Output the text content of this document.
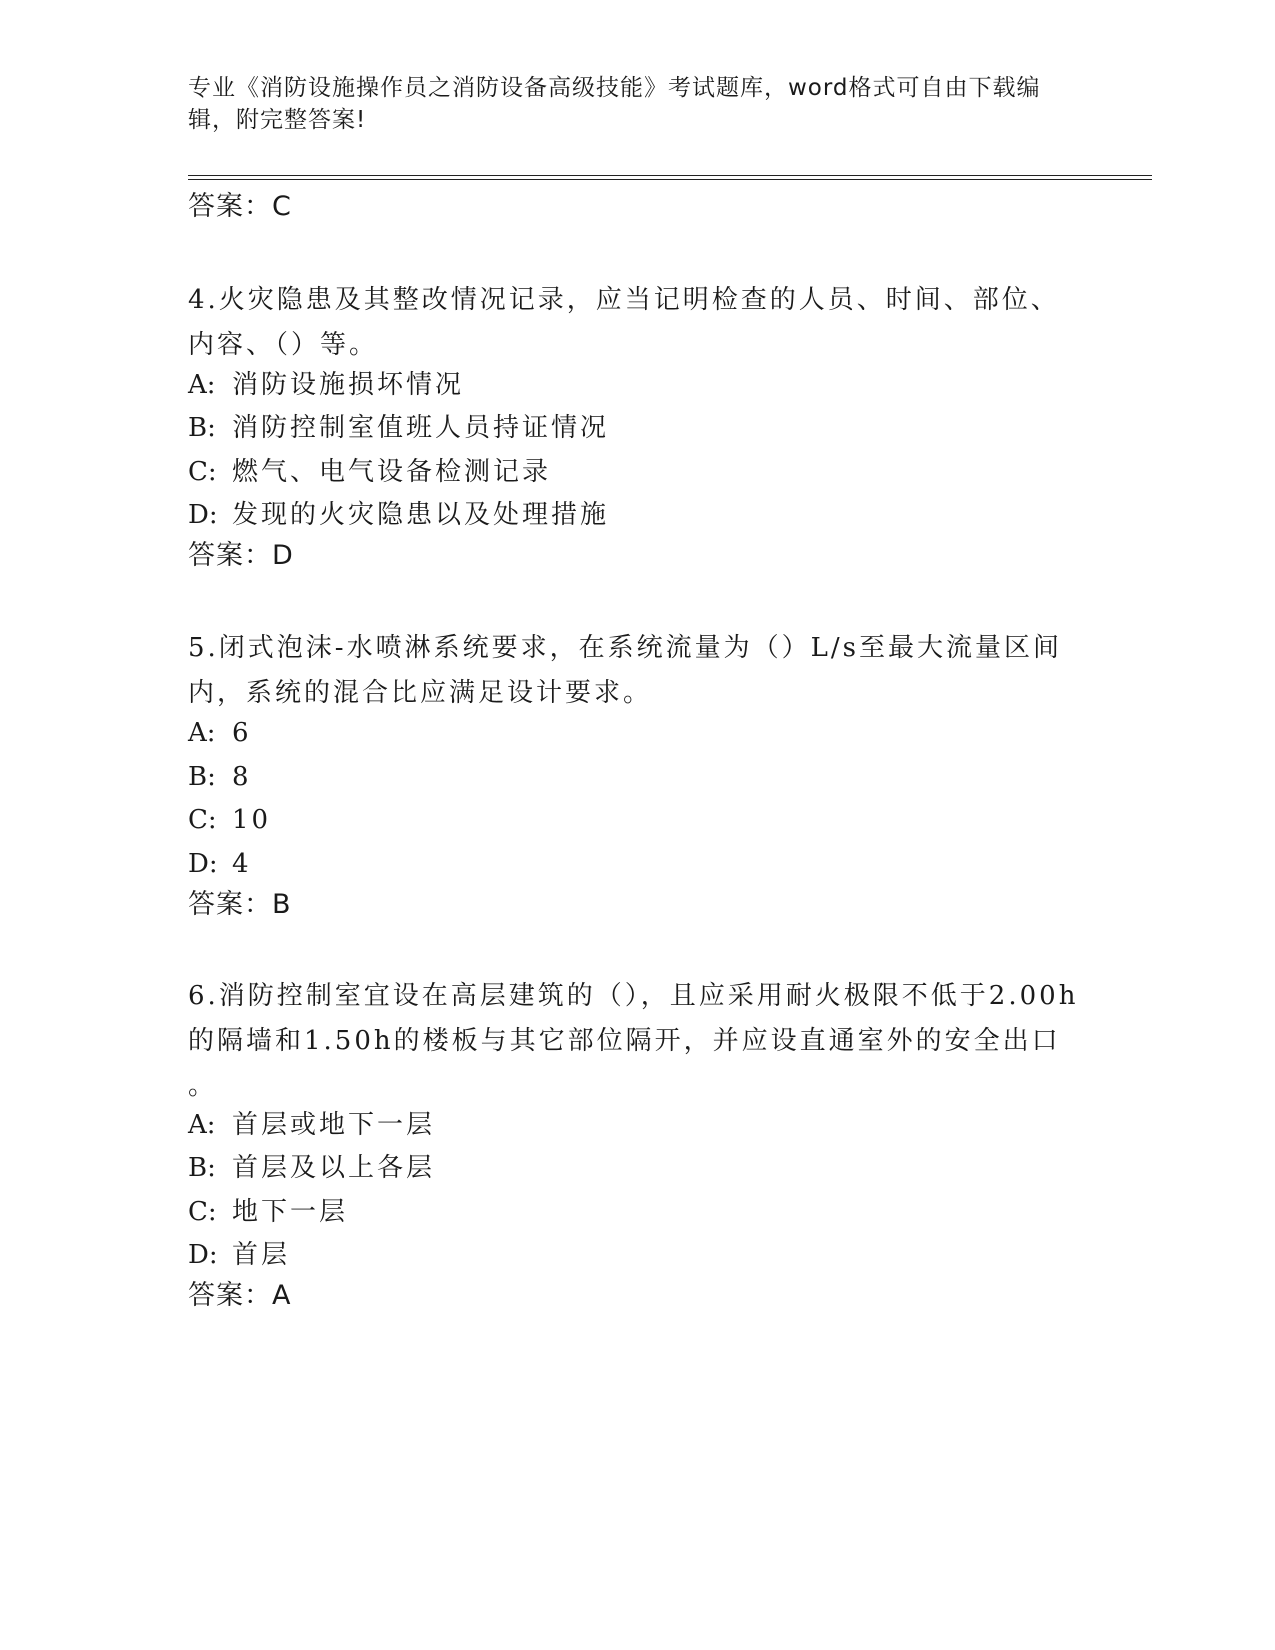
专业《消防设施操作员之消防设备高级技能》考试题库，word格式可自由下载编
辑，附完整答案!
答案：C
4.火灾隐患及其整改情况记录，应当记明检查的人员、时间、部位、
内容、（）等。
A: 消防设施损坏情况
B: 消防控制室值班人员持证情况
C: 燃气、电气设备检测记录
D: 发现的火灾隐患以及处理措施
答案：D
5.闭式泡沫-水喷淋系统要求，在系统流量为（）L/s至最大流量区间
内，系统的混合比应满足设计要求。
A: 6
B: 8
C: 10
D: 4
答案：B
6.消防控制室宜设在高层建筑的（），且应采用耐火极限不低于2.00h
的隔墙和1.50h的楼板与其它部位隔开，并应设直通室外的安全出口
。
A: 首层或地下一层
B: 首层及以上各层
C: 地下一层
D: 首层
答案：A
